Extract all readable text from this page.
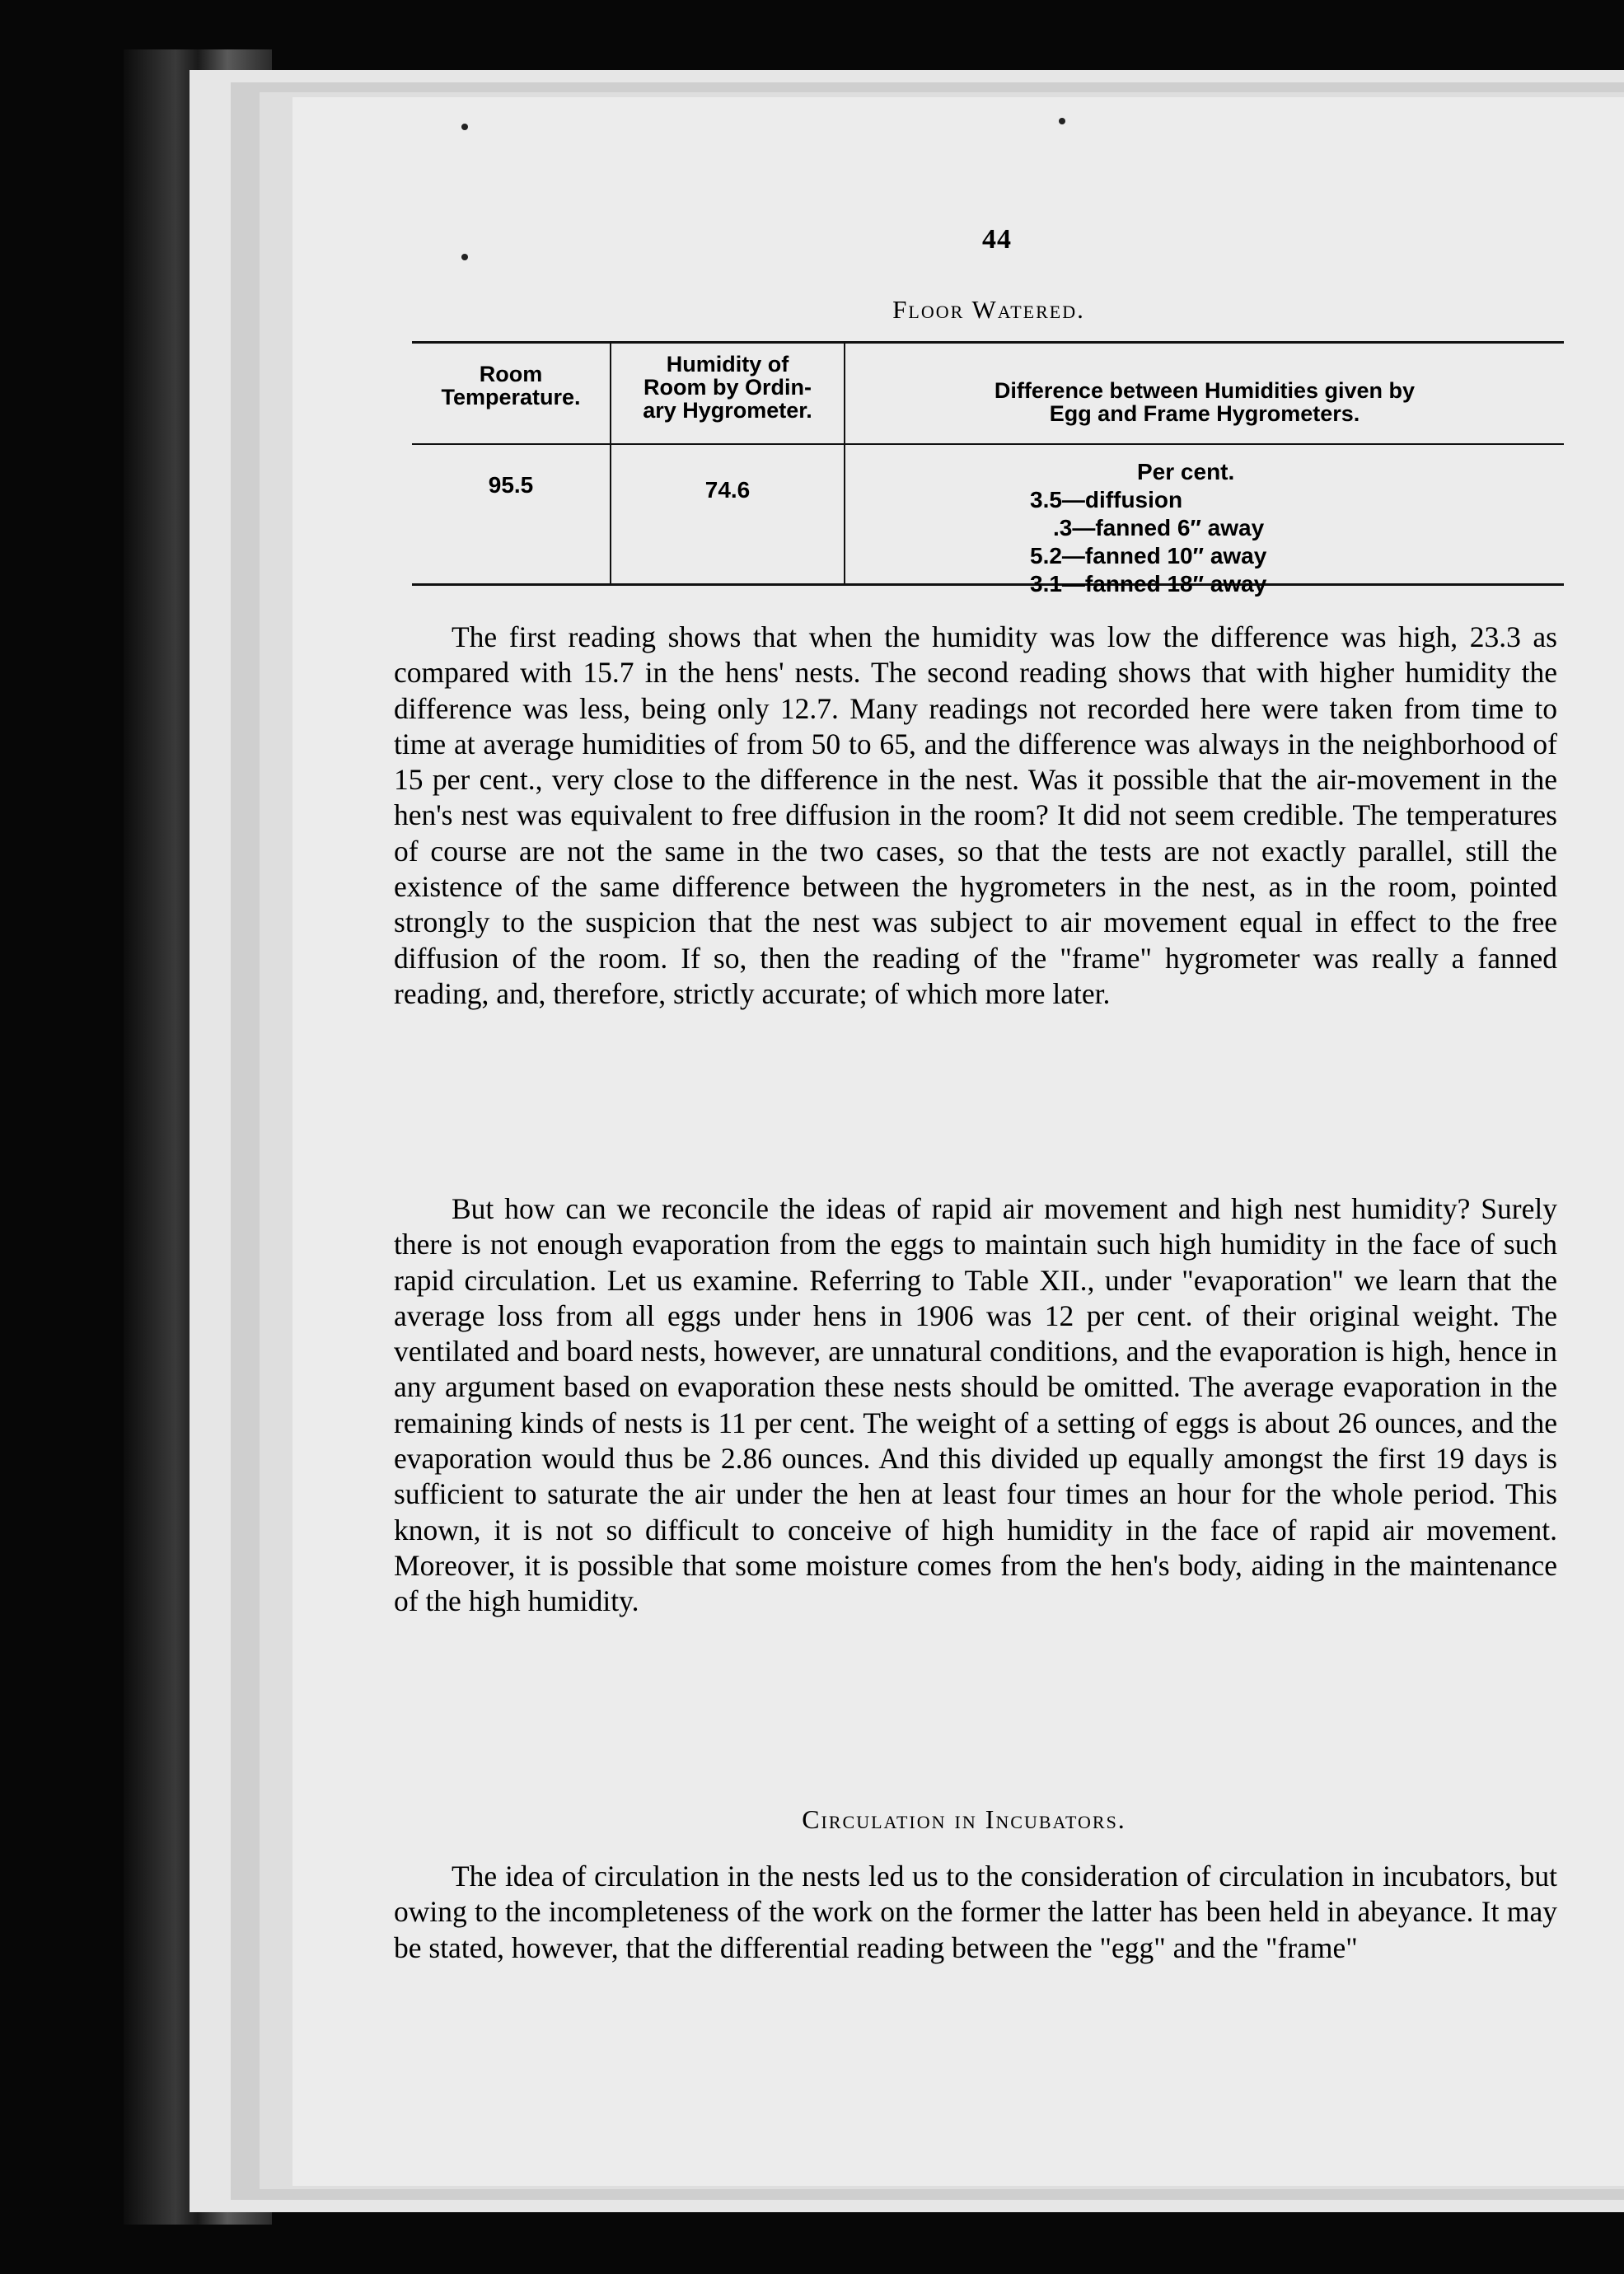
44
Floor Watered.
Room
Temperature.
Humidity of
Room by Ordin-
ary Hygrometer.
Difference between Humidities given by
Egg and Frame Hygrometers.
95.5	74.6
Per cent.
3.5—diffusion
.3—fanned 6″ away
5.2—fanned 10″ away
3.1—fanned 18″ away

The first reading shows that when the humidity was low the difference was high, 23.3 as compared with 15.7 in the hens' nests. The second reading shows that with higher humidity the difference was less, being only 12.7. Many readings not recorded here were taken from time to time at average humidities of from 50 to 65, and the difference was always in the neighborhood of 15 per cent., very close to the difference in the nest. Was it possible that the air-movement in the hen's nest was equivalent to free diffusion in the room? It did not seem credible. The temperatures of course are not the same in the two cases, so that the tests are not exactly parallel, still the existence of the same difference between the hygrometers in the nest, as in the room, pointed strongly to the suspicion that the nest was subject to air movement equal in effect to the free diffusion of the room. If so, then the reading of the "frame" hygrometer was really a fanned reading, and, therefore, strictly accurate; of which more later.

But how can we reconcile the ideas of rapid air movement and high nest humidity? Surely there is not enough evaporation from the eggs to maintain such high humidity in the face of such rapid circulation. Let us examine. Referring to Table XII., under "evaporation" we learn that the average loss from all eggs under hens in 1906 was 12 per cent. of their original weight. The ventilated and board nests, however, are unnatural conditions, and the evaporation is high, hence in any argument based on evaporation these nests should be omitted. The average evaporation in the remaining kinds of nests is 11 per cent. The weight of a setting of eggs is about 26 ounces, and the evaporation would thus be 2.86 ounces. And this divided up equally amongst the first 19 days is sufficient to saturate the air under the hen at least four times an hour for the whole period. This known, it is not so difficult to conceive of high humidity in the face of rapid air movement. Moreover, it is possible that some moisture comes from the hen's body, aiding in the maintenance of the high humidity.

Circulation in Incubators.

The idea of circulation in the nests led us to the consideration of circulation in incubators, but owing to the incompleteness of the work on the former the latter has been held in abeyance. It may be stated, however, that the differential reading between the "egg" and the "frame"
